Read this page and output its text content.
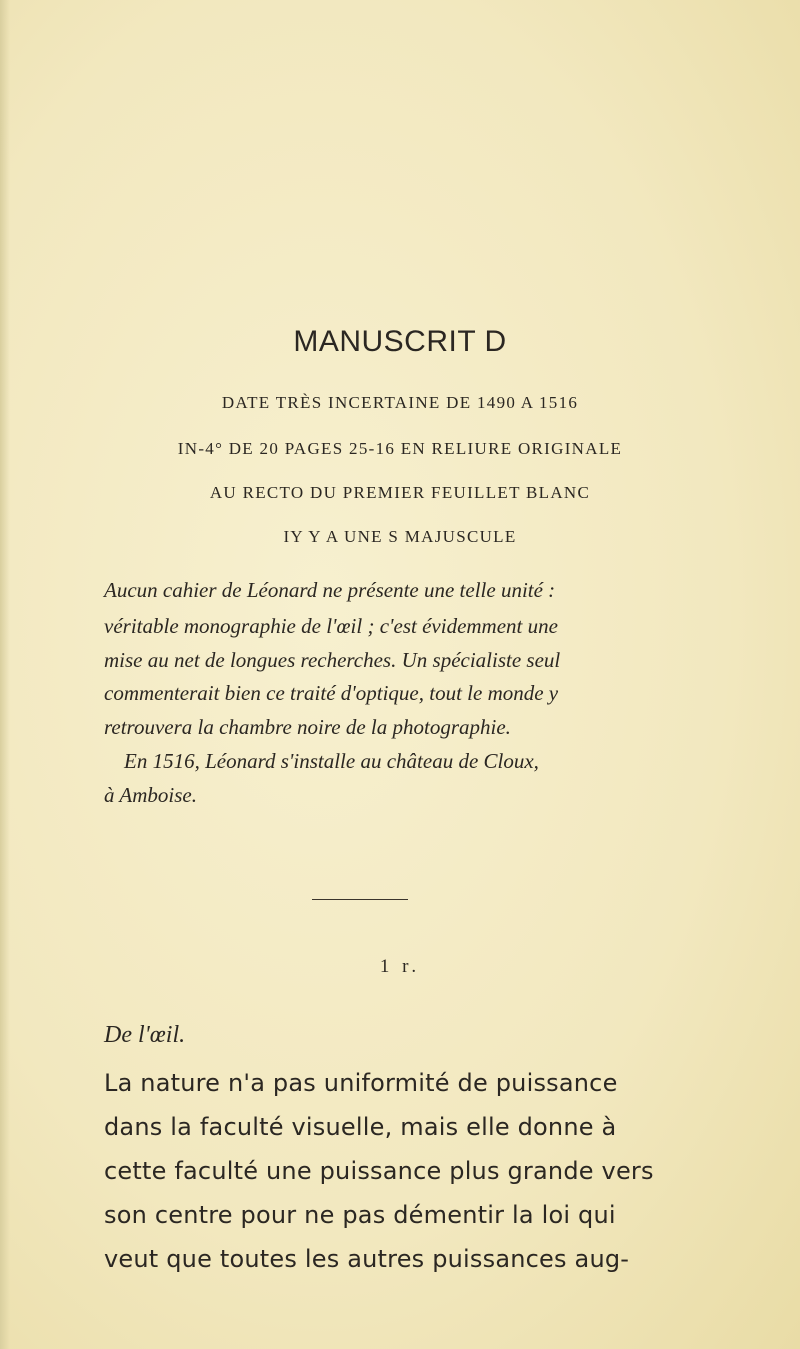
MANUSCRIT D
DATE TRÈS INCERTAINE DE 1490 A 1516
IN-4° DE 20 PAGES 25-16 EN RELIURE ORIGINALE
AU RECTO DU PREMIER FEUILLET BLANC
IY Y A UNE S MAJUSCULE
Aucun cahier de Léonard ne présente une telle unité :
véritable monographie de l'œil ; c'est évidemment une
mise au net de longues recherches. Un spécialiste seul
commenterait bien ce traité d'optique, tout le monde y
retrouvera la chambre noire de la photographie.
En 1516, Léonard s'installe au château de Cloux,
à Amboise.
1 r.
De l'œil.
La nature n'a pas uniformité de puissance
dans la faculté visuelle, mais elle donne à
cette faculté une puissance plus grande vers
son centre pour ne pas démentir la loi qui
veut que toutes les autres puissances aug-
